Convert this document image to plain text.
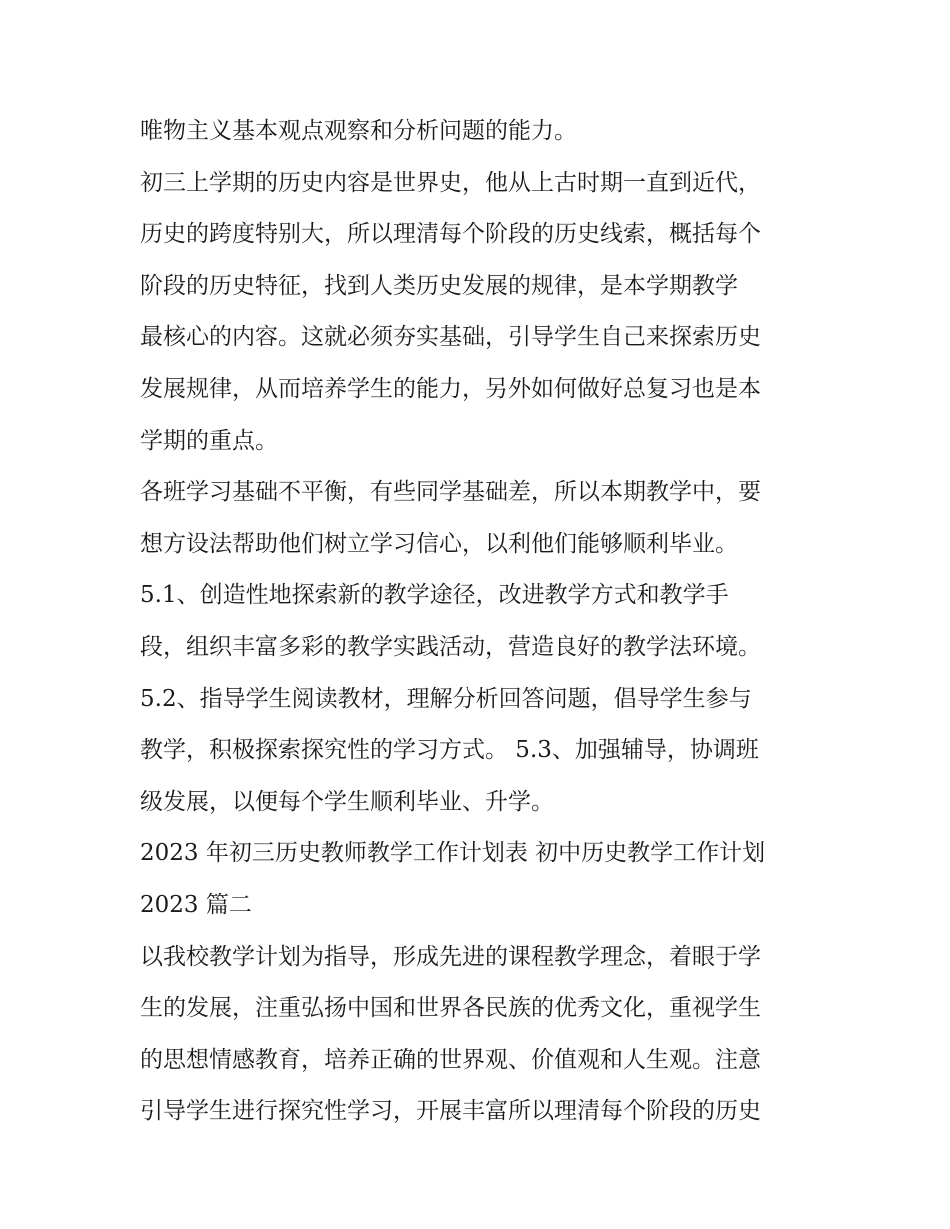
唯物主义基本观点观察和分析问题的能力。
初三上学期的历史内容是世界史，他从上古时期一直到近代，
历史的跨度特别大，所以理清每个阶段的历史线索，概括每个
阶段的历史特征，找到人类历史发展的规律，是本学期教学
最核心的内容。这就必须夯实基础，引导学生自己来探索历史
发展规律，从而培养学生的能力，另外如何做好总复习也是本
学期的重点。
各班学习基础不平衡，有些同学基础差，所以本期教学中，要
想方设法帮助他们树立学习信心，以利他们能够顺利毕业。
5.1、创造性地探索新的教学途径，改进教学方式和教学手
段，组织丰富多彩的教学实践活动，营造良好的教学法环境。
5.2、指导学生阅读教材，理解分析回答问题，倡导学生参与
教学，积极探索探究性的学习方式。 5.3、加强辅导，协调班
级发展，以便每个学生顺利毕业、升学。
2023 年初三历史教师教学工作计划表 初中历史教学工作计划
2023 篇二
以我校教学计划为指导，形成先进的课程教学理念，着眼于学
生的发展，注重弘扬中国和世界各民族的优秀文化，重视学生
的思想情感教育，培养正确的世界观、价值观和人生观。注意
引导学生进行探究性学习，开展丰富所以理清每个阶段的历史
